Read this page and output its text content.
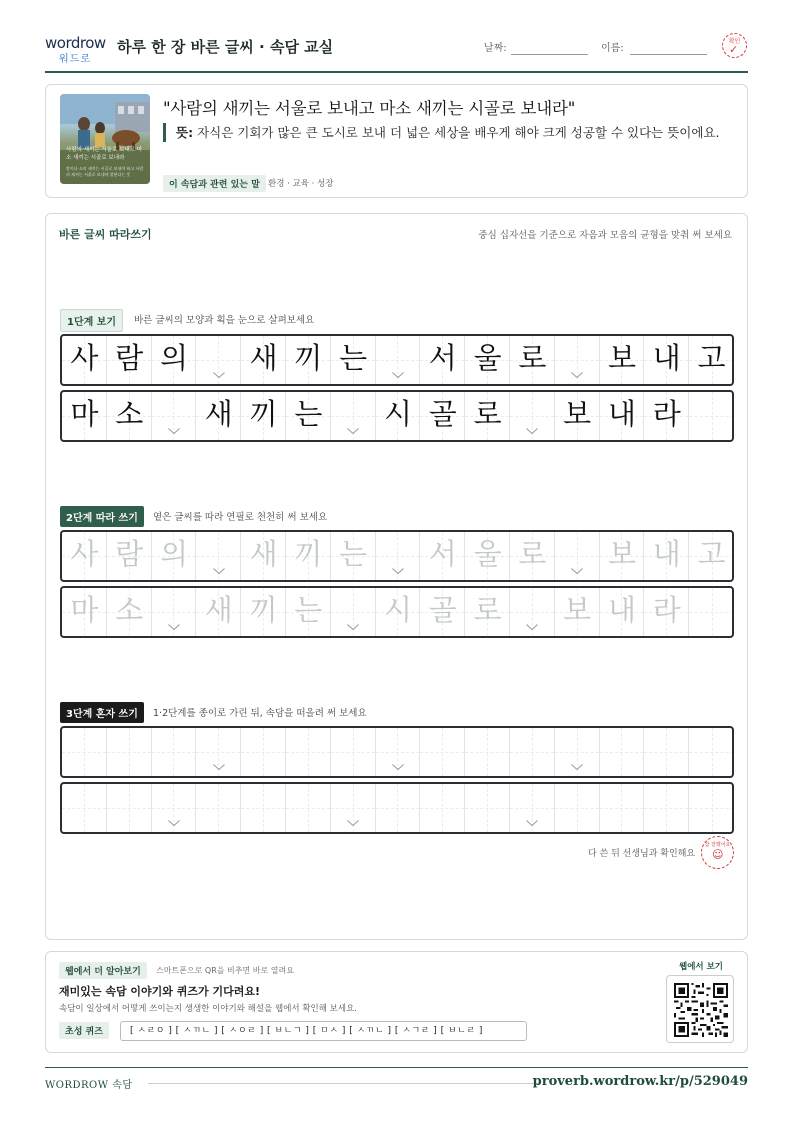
wordrow
워드로
하루 한 장 바른 글씨 · 속담 교실	날짜:	이름:
확인
✓
사람의 새끼는 서울로 보내고 마소 새끼는 시골로 보내라
말이나 소의 새끼는 시골로 보내야 하고 사람의 새끼는 서울로 보내야 잘된다는 뜻
"사람의 새끼는 서울로 보내고 마소 새끼는 시골로 보내라"
뜻: 자식은 기회가 많은 큰 도시로 보내 더 넓은 세상을 배우게 해야 크게 성공할 수 있다는 뜻이에요.
이 속담과 관련 있는 말 환경 · 교육 · 성장
바른 글씨 따라쓰기	중심 십자선을 기준으로 자음과 모음의 균형을 맞춰 써 보세요
1단계 보기	바른 글씨의 모양과 획을 눈으로 살펴보세요
사 람 의 새 끼 는 서 울 로 보 내 고
마 소 새 끼 는 시 골 로 보 내 라
2단계 따라 쓰기	옅은 글씨를 따라 연필로 천천히 써 보세요
사 람 의 새 끼 는 서 울 로 보 내 고
마 소 새 끼 는 시 골 로 보 내 라
3단계 혼자 쓰기	1·2단계를 종이로 가린 뒤, 속담을 떠올려 써 보세요
다 쓴 뒤 선생님과 확인해요
참 잘했어요
☺
웹에서 더 알아보기	스마트폰으로 QR을 비추면 바로 열려요
재미있는 속담 이야기와 퀴즈가 기다려요!
속담이 일상에서 어떻게 쓰이는지 생생한 이야기와 해설을 웹에서 확인해 보세요.
초성 퀴즈	[ ㅅㄹㅇ ] [ ㅅㄲㄴ ] [ ㅅㅇㄹ ] [ ㅂㄴㄱ ] [ ㅁㅅ ] [ ㅅㄲㄴ ] [ ㅅㄱㄹ ] [ ㅂㄴㄹ ]
웹에서 보기
WORDROW 속담	proverb.wordrow.kr/p/529049
